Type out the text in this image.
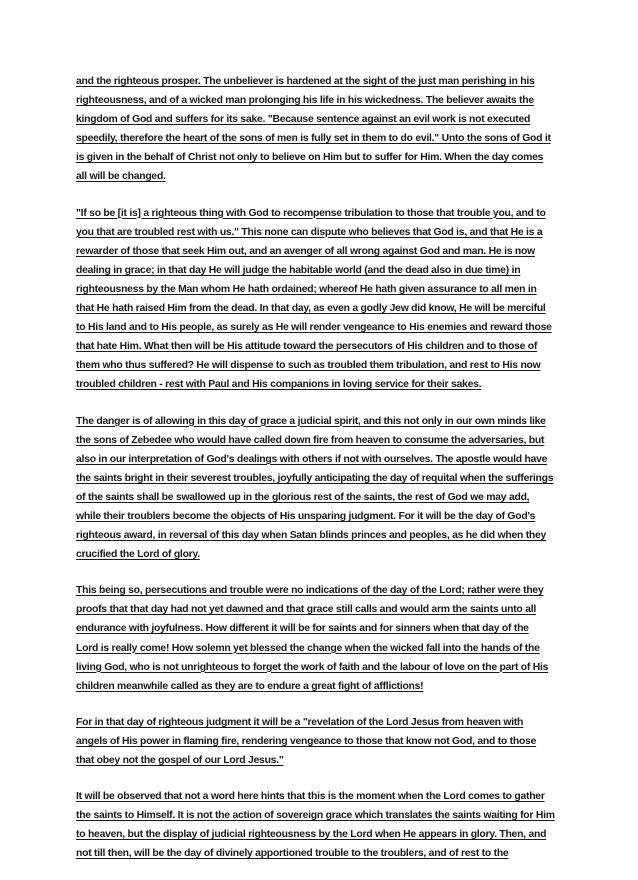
and the righteous prosper. The unbeliever is hardened at the sight of the just man perishing in his
righteousness, and of a wicked man prolonging his life in his wickedness. The believer awaits the
kingdom of God and suffers for its sake. "Because sentence against an evil work is not executed
speedily, therefore the heart of the sons of men is fully set in them to do evil." Unto the sons of God it
is given in the behalf of Christ not only to believe on Him but to suffer for Him. When the day comes
all will be changed.
"If so be [it is] a righteous thing with God to recompense tribulation to those that trouble you, and to
you that are troubled rest with us." This none can dispute who believes that God is, and that He is a
rewarder of those that seek Him out, and an avenger of all wrong against God and man. He is now
dealing in grace; in that day He will judge the habitable world (and the dead also in due time) in
righteousness by the Man whom He hath ordained; whereof He hath given assurance to all men in
that He hath raised Him from the dead. In that day, as even a godly Jew did know, He will be merciful
to His land and to His people, as surely as He will render vengeance to His enemies and reward those
that hate Him. What then will be His attitude toward the persecutors of His children and to those of
them who thus suffered? He will dispense to such as troubled them tribulation, and rest to His now
troubled children - rest with Paul and His companions in loving service for their sakes.
The danger is of allowing in this day of grace a judicial spirit, and this not only in our own minds like
the sons of Zebedee who would have called down fire from heaven to consume the adversaries, but
also in our interpretation of God's dealings with others if not with ourselves. The apostle would have
the saints bright in their severest troubles, joyfully anticipating the day of requital when the sufferings
of the saints shall be swallowed up in the glorious rest of the saints, the rest of God we may add,
while their troublers become the objects of His unsparing judgment. For it will be the day of God's
righteous award, in reversal of this day when Satan blinds princes and peoples, as he did when they
crucified the Lord of glory.
This being so, persecutions and trouble were no indications of the day of the Lord; rather were they
proofs that that day had not yet dawned and that grace still calls and would arm the saints unto all
endurance with joyfulness. How different it will be for saints and for sinners when that day of the
Lord is really come! How solemn yet blessed the change when the wicked fall into the hands of the
living God, who is not unrighteous to forget the work of faith and the labour of love on the part of His
children meanwhile called as they are to endure a great fight of afflictions!
For in that day of righteous judgment it will be a "revelation of the Lord Jesus from heaven with
angels of His power in flaming fire, rendering vengeance to those that know not God, and to those
that obey not the gospel of our Lord Jesus."
It will be observed that not a word here hints that this is the moment when the Lord comes to gather
the saints to Himself. It is not the action of sovereign grace which translates the saints waiting for Him
to heaven, but the display of judicial righteousness by the Lord when He appears in glory. Then, and
not till then, will be the day of divinely apportioned trouble to the troublers, and of rest to the
